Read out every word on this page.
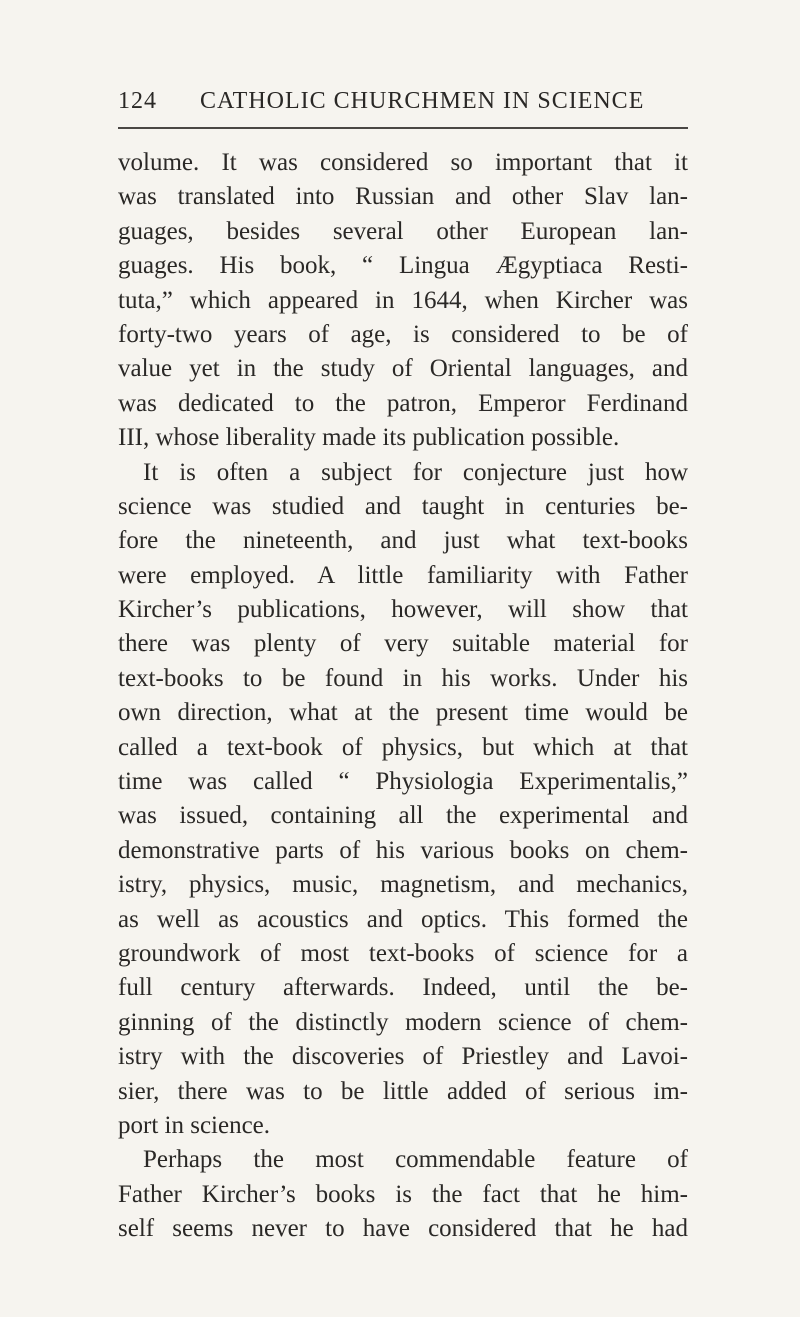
124 CATHOLIC CHURCHMEN IN SCIENCE
volume. It was considered so important that it
was translated into Russian and other Slav lan-
guages, besides several other European lan-
guages. His book, “ Lingua Ægyptiaca Resti-
tuta,” which appeared in 1644, when Kircher was
forty-two years of age, is considered to be of
value yet in the study of Oriental languages, and
was dedicated to the patron, Emperor Ferdinand
III, whose liberality made its publication possible.
It is often a subject for conjecture just how
science was studied and taught in centuries be-
fore the nineteenth, and just what text-books
were employed. A little familiarity with Father
Kircher’s publications, however, will show that
there was plenty of very suitable material for
text-books to be found in his works. Under his
own direction, what at the present time would be
called a text-book of physics, but which at that
time was called “ Physiologia Experimentalis,”
was issued, containing all the experimental and
demonstrative parts of his various books on chem-
istry, physics, music, magnetism, and mechanics,
as well as acoustics and optics. This formed the
groundwork of most text-books of science for a
full century afterwards. Indeed, until the be-
ginning of the distinctly modern science of chem-
istry with the discoveries of Priestley and Lavoi-
sier, there was to be little added of serious im-
port in science.
Perhaps the most commendable feature of
Father Kircher’s books is the fact that he him-
self seems never to have considered that he had
